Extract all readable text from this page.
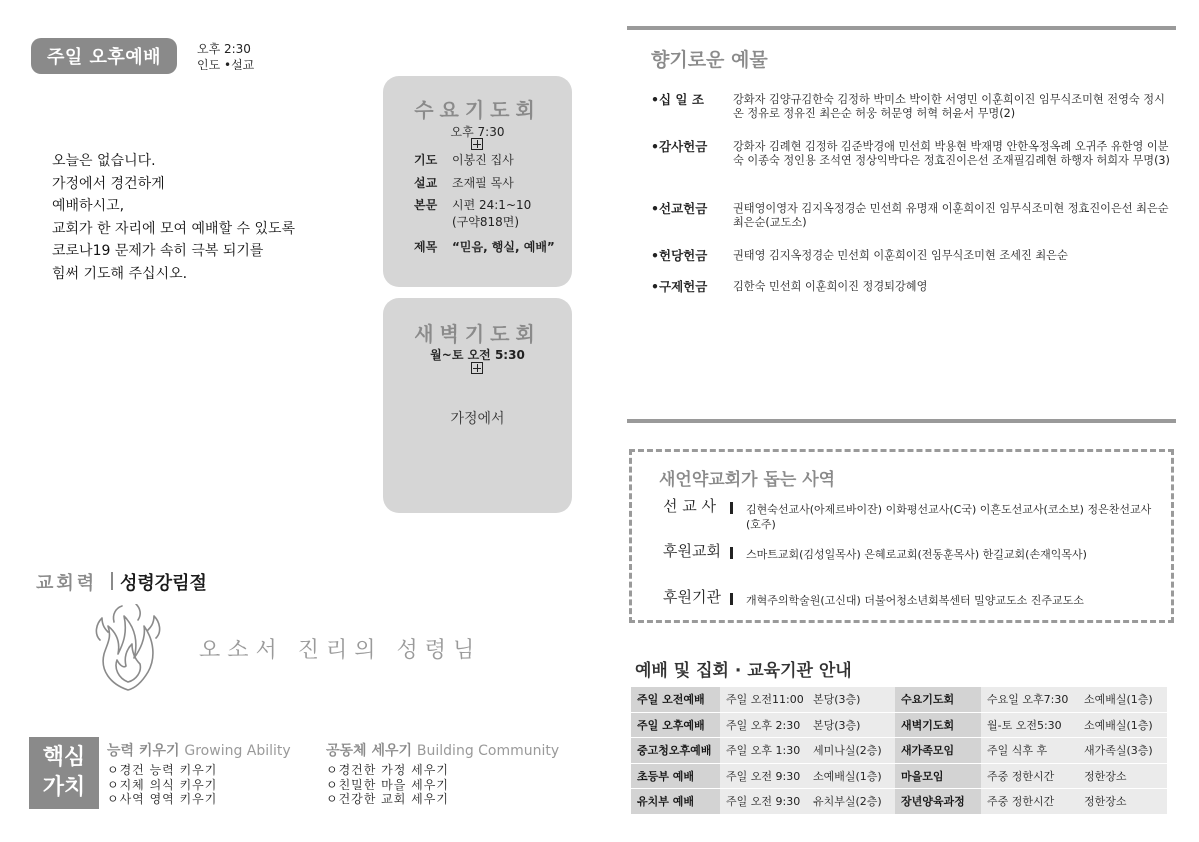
주일 오후예배	오후 2:30
인도 •설교
오늘은 없습니다.
가정에서 경건하게
예배하시고,
교회가 한 자리에 모여 예배할 수 있도록
코로나19 문제가 속히 극복 되기를
힘써 기도해 주십시오.
수요기도회
오후 7:30
기도 이봉진 집사
설교 조재필 목사
본문 시편 24:1~10
(구약818면)
제목 “믿음, 행실, 예배”
새벽기도회
월~토 오전 5:30
가정에서
교회력 성령강림절
오소서 진리의 성령님
핵심
가치
능력 키우기 Growing Ability
ㅇ경건 능력 키우기
ㅇ지체 의식 키우기
ㅇ사역 영역 키우기
공동체 세우기 Building Community
ㅇ경건한 가정 세우기
ㅇ친밀한 마을 세우기
ㅇ건강한 교회 세우기
향기로운 예물
•십 일 조	강화자 김양규김한숙 김정하 박미소 박이한 서영민 이훈희이진 임무식조미현 전영숙 정시온 정유로 정유진 최은순 허웅 허문영 허혁 허윤서 무명(2)
•감사헌금 강화자 김례현 김정하 김준박경애 민선희 박용현 박재명 안한옥정옥례 오귀주 유한영 이분숙 이종숙 정인용 조석연 정상익박다은 정효진이은선 조재필김례현 하행자 허희자 무명(3)
•선교헌금 권태영이영자 김지옥정경순 민선희 유명재 이훈희이진 임무식조미현 정효진이은선 최은순 최은순(교도소)
•헌당헌금 권태영 김지옥정경순 민선희 이훈희이진 임무식조미현 조세진 최은순
•구제헌금 김한숙 민선희 이훈희이진 정경퇴강혜영
새언약교회가 돕는 사역
선 교 사	김현숙선교사(아제르바이잔) 이화평선교사(C국) 이흔도선교사(코소보) 정은찬선교사(호주)
후원교회 스마트교회(김성일목사) 은혜로교회(전동훈목사) 한길교회(손재익목사)
후원기관 개혁주의학술원(고신대) 더불어청소년회복센터 밀양교도소 진주교도소
예배 및 집회 · 교육기관 안내
주일 오전예배	주일 오전11:00	본당(3층)	수요기도회	수요일 오후7:30	소예배실(1층)
주일 오후예배	주일 오후 2:30	본당(3층)	새벽기도회	월-토 오전5:30	소예배실(1층)
중고청오후예배	주일 오후 1:30	세미나실(2층)	새가족모임	주일 식후 후	새가족실(3층)
초등부 예배	주일 오전 9:30	소예배실(1층)	마을모임	주중 정한시간	정한장소
유치부 예배	주일 오전 9:30	유치부실(2층)	장년양육과정	주중 정한시간	정한장소
